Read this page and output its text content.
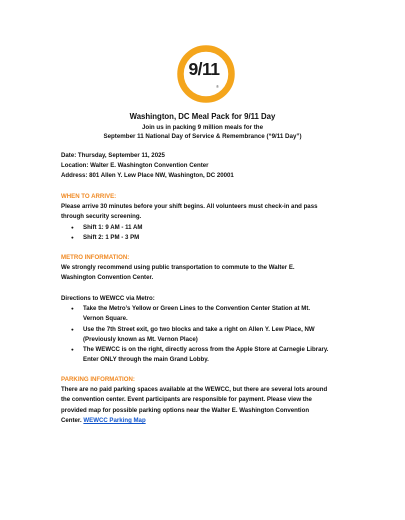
9/11
®
Washington, DC Meal Pack for 9/11 Day
Join us in packing 9 million meals for the
September 11 National Day of Service & Remembrance (“9/11 Day”)
Date: Thursday, September 11, 2025
Location: Walter E. Washington Convention Center
Address: 801 Allen Y. Lew Place NW, Washington, DC 20001
WHEN TO ARRIVE:
Please arrive 30 minutes before your shift begins. All volunteers must check-in and pass
through security screening.
● Shift 1: 9 AM - 11 AM
● Shift 2: 1 PM - 3 PM
METRO INFORMATION:
We strongly recommend using public transportation to commute to the Walter E.
Washington Convention Center.
Directions to WEWCC via Metro:
● Take the Metro’s Yellow or Green Lines to the Convention Center Station at Mt.
Vernon Square.
● Use the 7th Street exit, go two blocks and take a right on Allen Y. Lew Place, NW
(Previously known as Mt. Vernon Place)
● The WEWCC is on the right, directly across from the Apple Store at Carnegie Library.
Enter ONLY through the main Grand Lobby.
PARKING INFORMATION:
There are no paid parking spaces available at the WEWCC, but there are several lots around
the convention center. Event participants are responsible for payment. Please view the
provided map for possible parking options near the Walter E. Washington Convention
Center. WEWCC Parking Map
